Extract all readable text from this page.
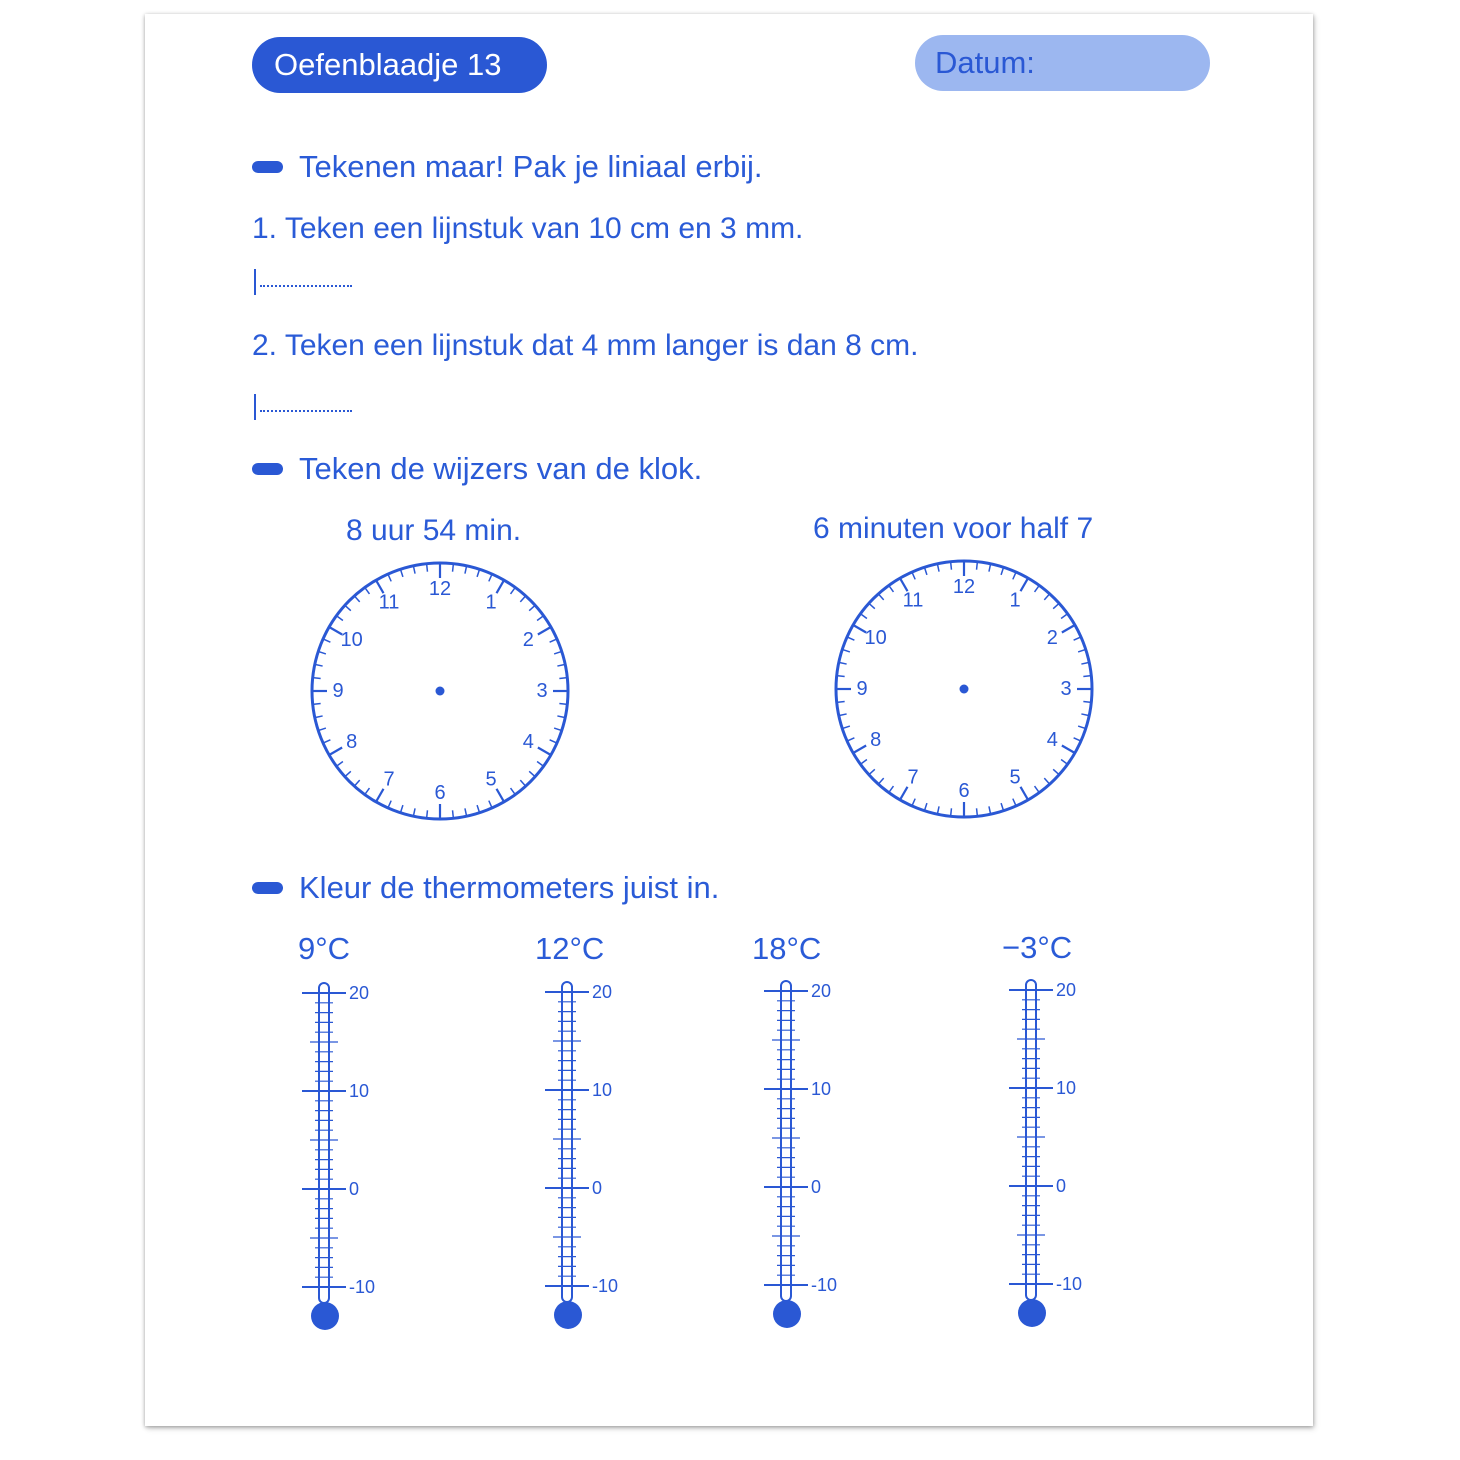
Oefenblaadje 13	Datum:
Tekenen maar! Pak je liniaal erbij.
1. Teken een lijnstuk van 10 cm en 3 mm.
2. Teken een lijnstuk dat 4 mm langer is dan 8 cm.
Teken de wijzers van de klok.
8 uur 54 min.	6 minuten voor half 7
12
1
2
3
4
5
6
7
8
9
10
11
12
1
2
3
4
5
6
7
8
9
10
11
Kleur de thermometers juist in.
9°C	12°C	18°C	−3°C
20
10
0
-10
20
10
0
-10
20
10
0
-10
20
10
0
-10
